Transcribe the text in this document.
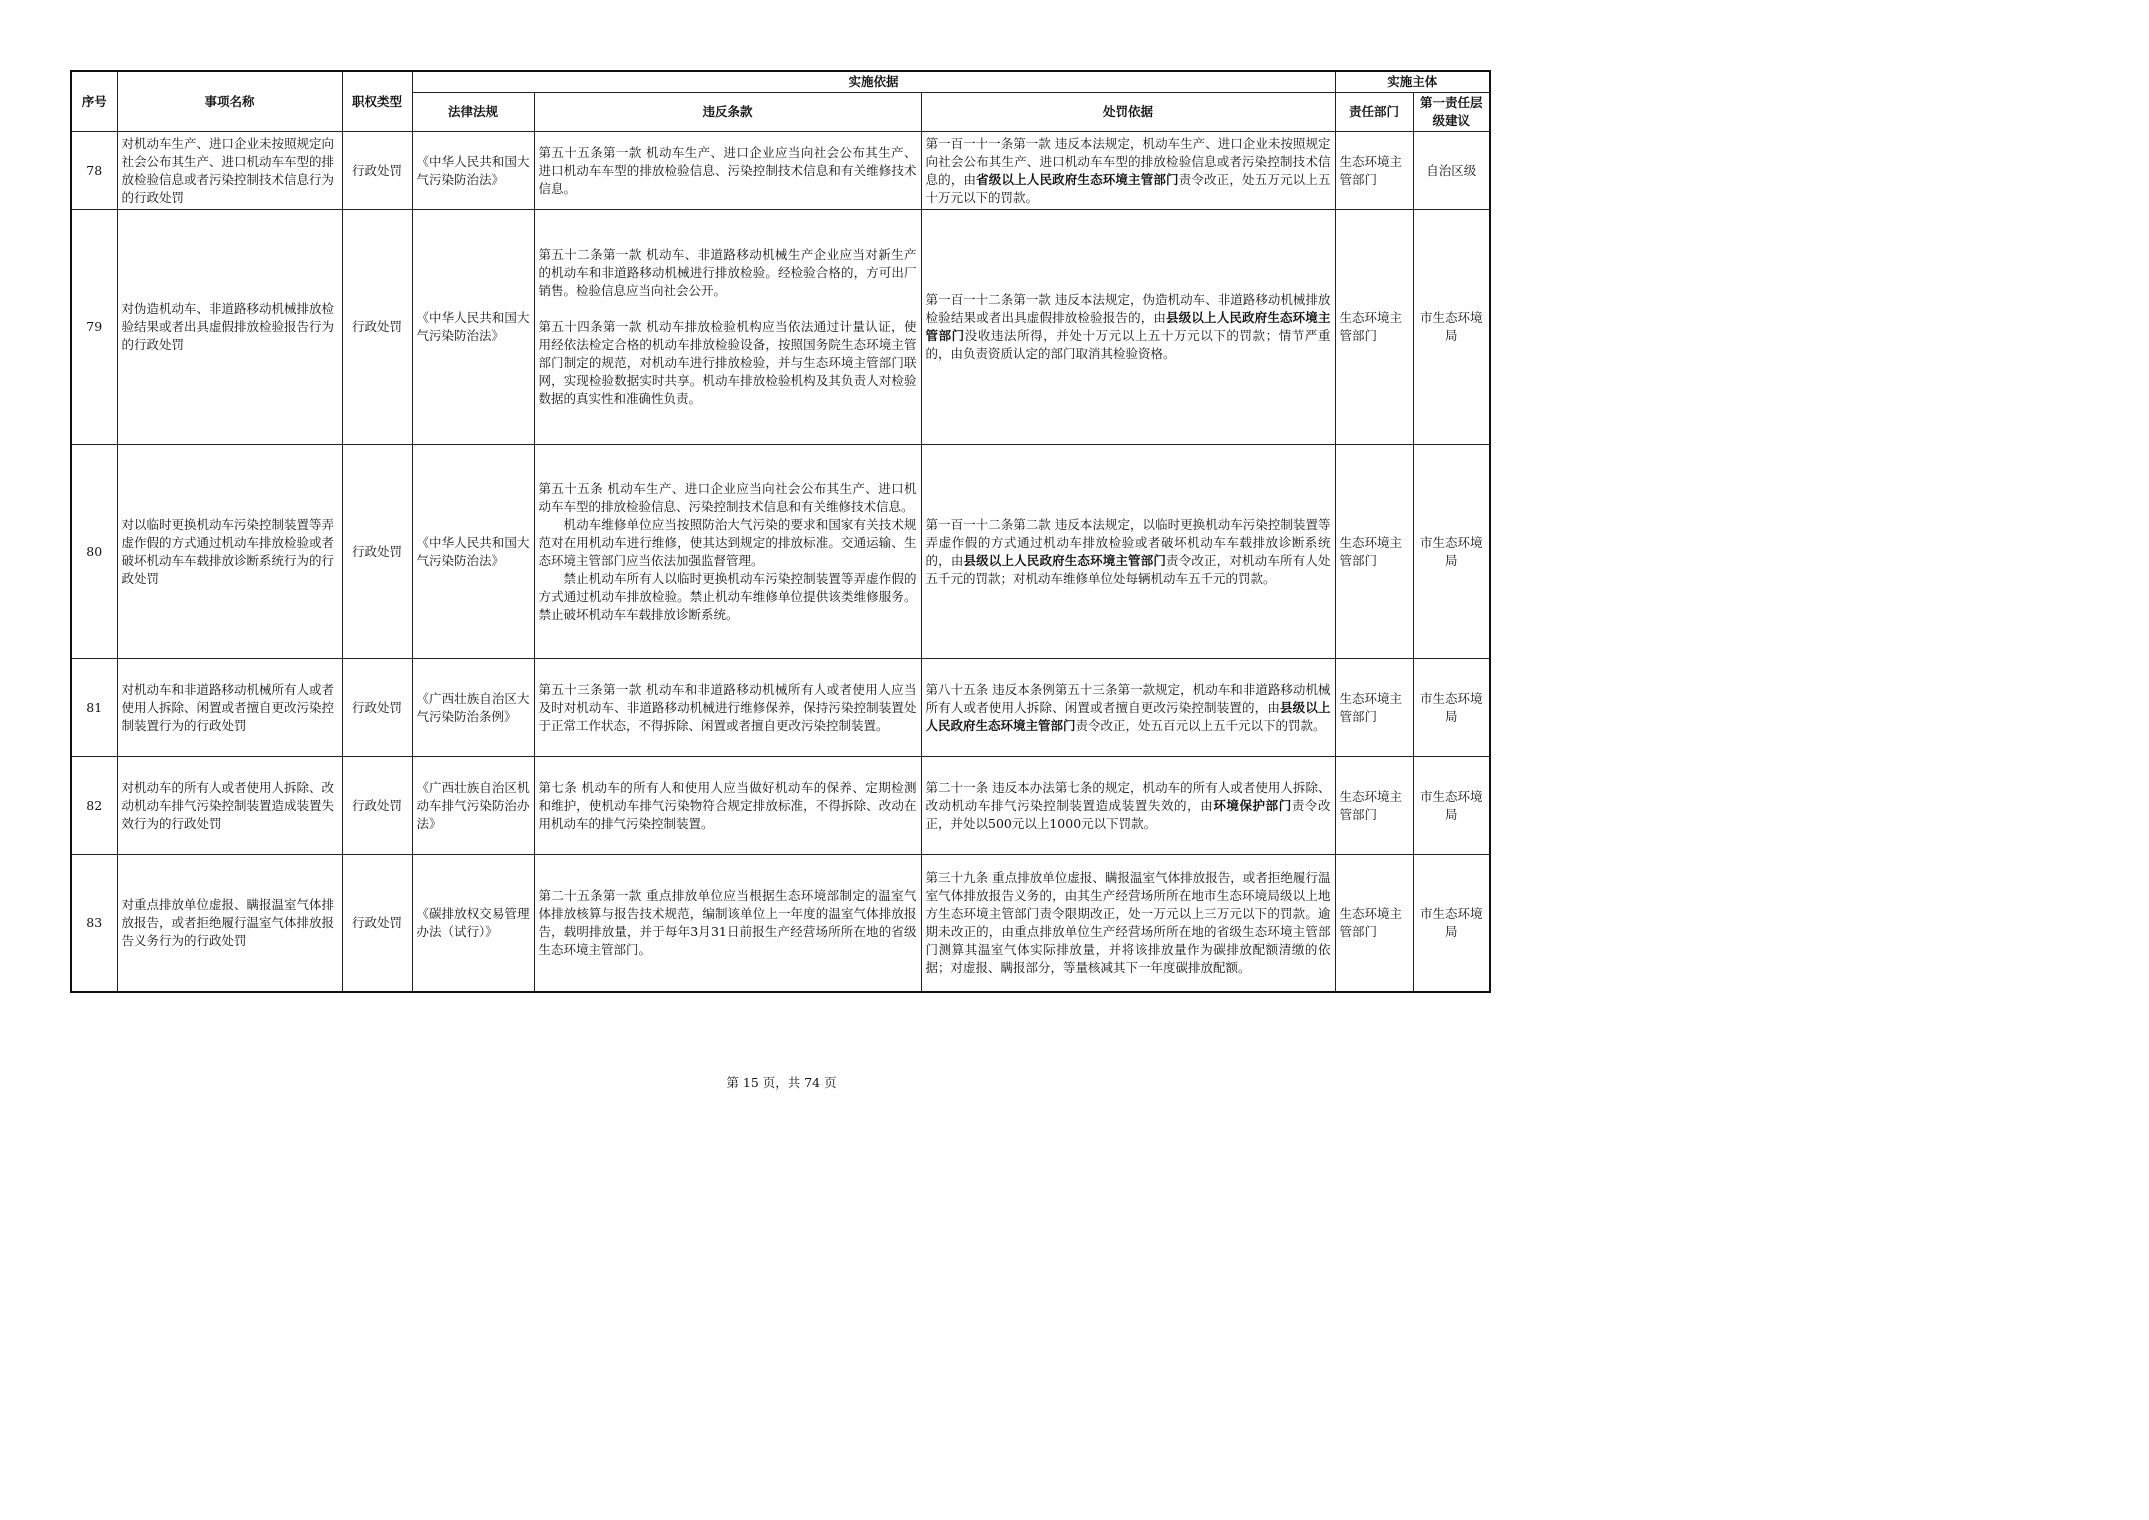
序号	事项名称	职权类型	实施依据			实施主体	
			法律法规	违反条款	处罚依据	责任部门	第一责任层级建议
78	对机动车生产、进口企业未按照规定向社会公布其生产、进口机动车车型的排放检验信息或者污染控制技术信息行为的行政处罚	行政处罚	《中华人民共和国大气污染防治法》	第五十五条第一款 机动车生产、进口企业应当向社会公布其生产、进口机动车车型的排放检验信息、污染控制技术信息和有关维修技术信息。	第一百一十一条第一款 违反本法规定，机动车生产、进口企业未按照规定向社会公布其生产、进口机动车车型的排放检验信息或者污染控制技术信息的，由省级以上人民政府生态环境主管部门责令改正，处五万元以上五十万元以下的罚款。	生态环境主管部门	自治区级
79	对伪造机动车、非道路移动机械排放检验结果或者出具虚假排放检验报告行为的行政处罚	行政处罚	《中华人民共和国大气污染防治法》	第五十二条第一款 机动车、非道路移动机械生产企业应当对新生产的机动车和非道路移动机械进行排放检验。经检验合格的，方可出厂销售。检验信息应当向社会公开。
第五十四条第一款 机动车排放检验机构应当依法通过计量认证，使用经依法检定合格的机动车排放检验设备，按照国务院生态环境主管部门制定的规范，对机动车进行排放检验，并与生态环境主管部门联网，实现检验数据实时共享。机动车排放检验机构及其负责人对检验数据的真实性和准确性负责。	第一百一十二条第一款 违反本法规定，伪造机动车、非道路移动机械排放检验结果或者出具虚假排放检验报告的，由县级以上人民政府生态环境主管部门没收违法所得，并处十万元以上五十万元以下的罚款；情节严重的，由负责资质认定的部门取消其检验资格。	生态环境主管部门	市生态环境局
80	对以临时更换机动车污染控制装置等弄虚作假的方式通过机动车排放检验或者破坏机动车车载排放诊断系统行为的行政处罚	行政处罚	《中华人民共和国大气污染防治法》	第五十五条 机动车生产、进口企业应当向社会公布其生产、进口机动车车型的排放检验信息、污染控制技术信息和有关维修技术信息。
机动车维修单位应当按照防治大气污染的要求和国家有关技术规范对在用机动车进行维修，使其达到规定的排放标准。交通运输、生态环境主管部门应当依法加强监督管理。
禁止机动车所有人以临时更换机动车污染控制装置等弄虚作假的方式通过机动车排放检验。禁止机动车维修单位提供该类维修服务。禁止破坏机动车车载排放诊断系统。	第一百一十二条第二款 违反本法规定，以临时更换机动车污染控制装置等弄虚作假的方式通过机动车排放检验或者破坏机动车车载排放诊断系统的，由县级以上人民政府生态环境主管部门责令改正，对机动车所有人处五千元的罚款；对机动车维修单位处每辆机动车五千元的罚款。	生态环境主管部门	市生态环境局
81	对机动车和非道路移动机械所有人或者使用人拆除、闲置或者擅自更改污染控制装置行为的行政处罚	行政处罚	《广西壮族自治区大气污染防治条例》	第五十三条第一款 机动车和非道路移动机械所有人或者使用人应当及时对机动车、非道路移动机械进行维修保养，保持污染控制装置处于正常工作状态，不得拆除、闲置或者擅自更改污染控制装置。	第八十五条 违反本条例第五十三条第一款规定，机动车和非道路移动机械所有人或者使用人拆除、闲置或者擅自更改污染控制装置的，由县级以上人民政府生态环境主管部门责令改正，处五百元以上五千元以下的罚款。	生态环境主管部门	市生态环境局
82	对机动车的所有人或者使用人拆除、改动机动车排气污染控制装置造成装置失效行为的行政处罚	行政处罚	《广西壮族自治区机动车排气污染防治办法》	第七条 机动车的所有人和使用人应当做好机动车的保养、定期检测和维护，使机动车排气污染物符合规定排放标准，不得拆除、改动在用机动车的排气污染控制装置。	第二十一条 违反本办法第七条的规定，机动车的所有人或者使用人拆除、改动机动车排气污染控制装置造成装置失效的，由环境保护部门责令改正，并处以500元以上1000元以下罚款。	生态环境主管部门	市生态环境局
83	对重点排放单位虚报、瞒报温室气体排放报告，或者拒绝履行温室气体排放报告义务行为的行政处罚	行政处罚	《碳排放权交易管理办法（试行）》	第二十五条第一款 重点排放单位应当根据生态环境部制定的温室气体排放核算与报告技术规范，编制该单位上一年度的温室气体排放报告，载明排放量，并于每年3月31日前报生产经营场所所在地的省级生态环境主管部门。	第三十九条 重点排放单位虚报、瞒报温室气体排放报告，或者拒绝履行温室气体排放报告义务的，由其生产经营场所所在地市生态环境局级以上地方生态环境主管部门责令限期改正，处一万元以上三万元以下的罚款。逾期未改正的，由重点排放单位生产经营场所所在地的省级生态环境主管部门测算其温室气体实际排放量，并将该排放量作为碳排放配额清缴的依据；对虚报、瞒报部分，等量核减其下一年度碳排放配额。	生态环境主管部门	市生态环境局
第 15 页，共 74 页
